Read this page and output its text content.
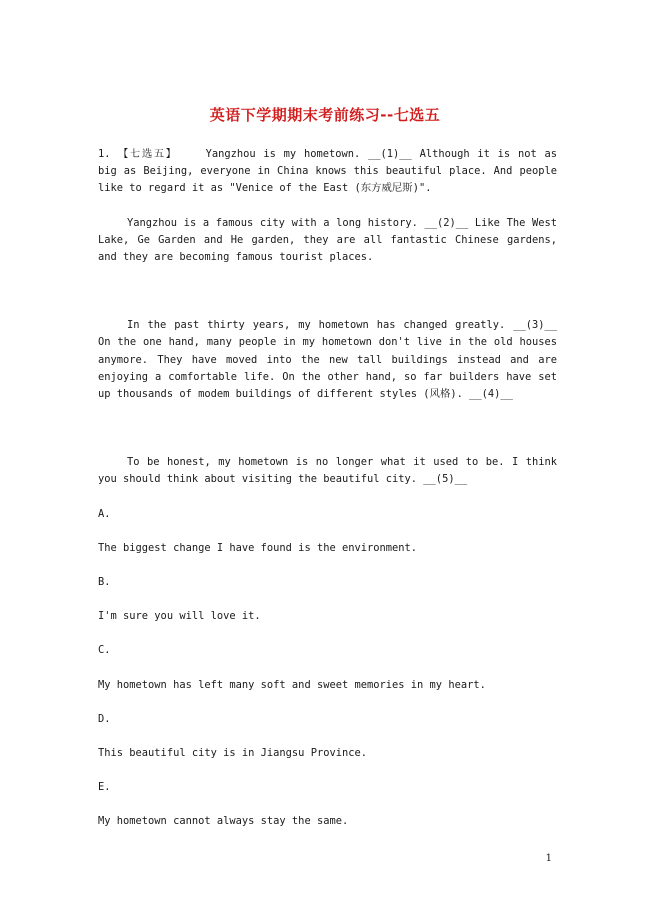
英语下学期期末考前练习--七选五

1. 【七选五】	Yangzhou is my hometown. __(1)__ Although it is not as big as Beijing, everyone in China knows this beautiful place. And people like to regard it as "Venice of the East (东方威尼斯)".

Yangzhou is a famous city with a long history. __(2)__ Like The West Lake, Ge Garden and He garden, they are all fantastic Chinese gardens, and they are becoming famous tourist places.

In the past thirty years, my hometown has changed greatly. __(3)__ On the one hand, many people in my hometown don't live in the old houses anymore. They have moved into the new tall buildings instead and are enjoying a comfortable life. On the other hand, so far builders have set up thousands of modem buildings of different styles (风格). __(4)__

To be honest, my hometown is no longer what it used to be. I think you should think about visiting the beautiful city. __(5)__

A.

The biggest change I have found is the environment.

B.

I'm sure you will love it.

C.

My hometown has left many soft and sweet memories in my heart.

D.

This beautiful city is in Jiangsu Province.

E.

My hometown cannot always stay the same.

1
